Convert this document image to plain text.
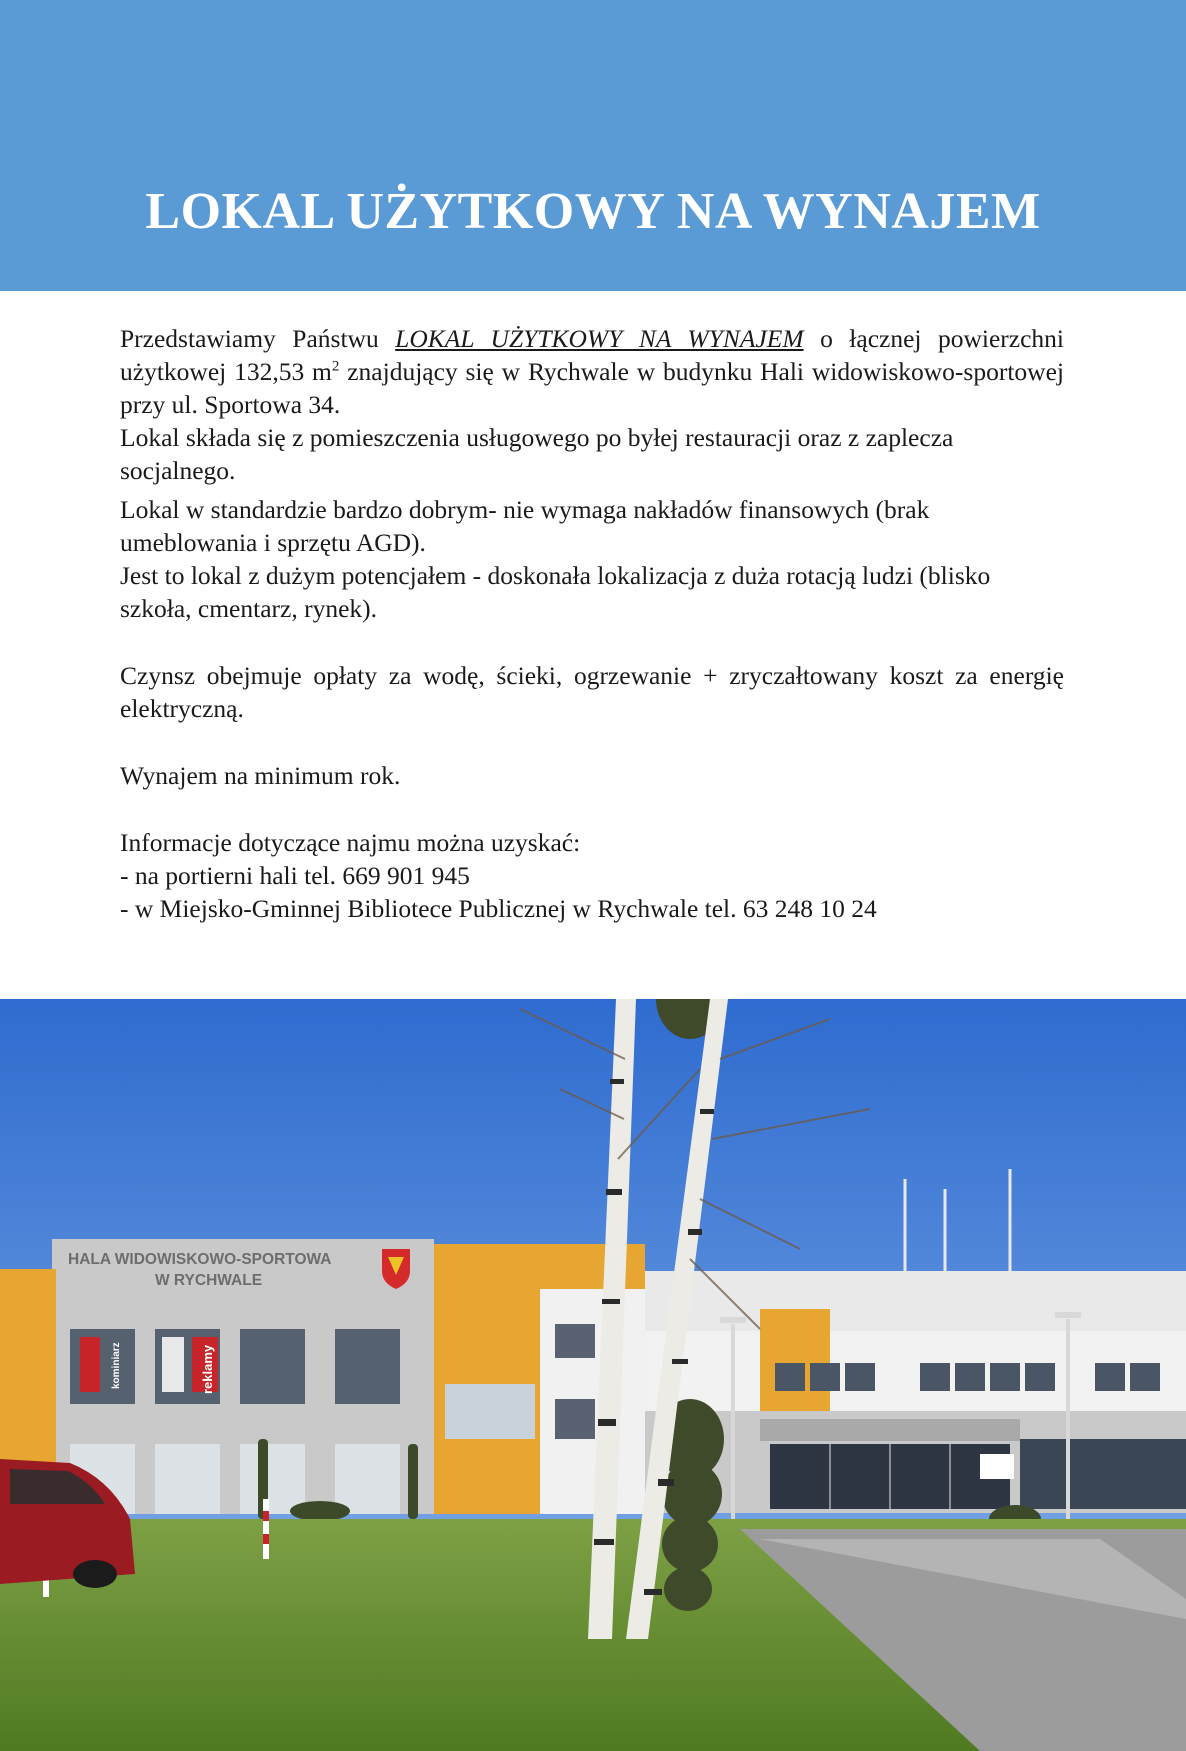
LOKAL UŻYTKOWY NA WYNAJEM

Przedstawiamy Państwu LOKAL UŻYTKOWY NA WYNAJEM o łącznej powierzchni użytkowej 132,53 $m^2$ znajdujący się w Rychwale w budynku Hali widowiskowo-sportowej przy ul. Sportowa 34.

Lokal składa się z pomieszczenia usługowego po byłej restauracji oraz z zaplecza socjalnego.

Lokal w standardzie bardzo dobrym- nie wymaga nakładów finansowych (brak umeblowania i sprzętu AGD).

Jest to lokal z dużym potencjałem - doskonała lokalizacja z duża rotacją ludzi (blisko szkoła, cmentarz, rynek).

Czynsz obejmuje opłaty za wodę, ścieki, ogrzewanie + zryczałtowany koszt za energię elektryczną.

Wynajem na minimum rok.

Informacje dotyczące najmu można uzyskać:

- na portierni hali tel. 669 901 945

- w Miejsko-Gminnej Bibliotece Publicznej w Rychwale tel. 63 248 10 24

HALA WIDOWISKOWO-SPORTOWA
W RYCHWALE
kominiarz	reklamy
